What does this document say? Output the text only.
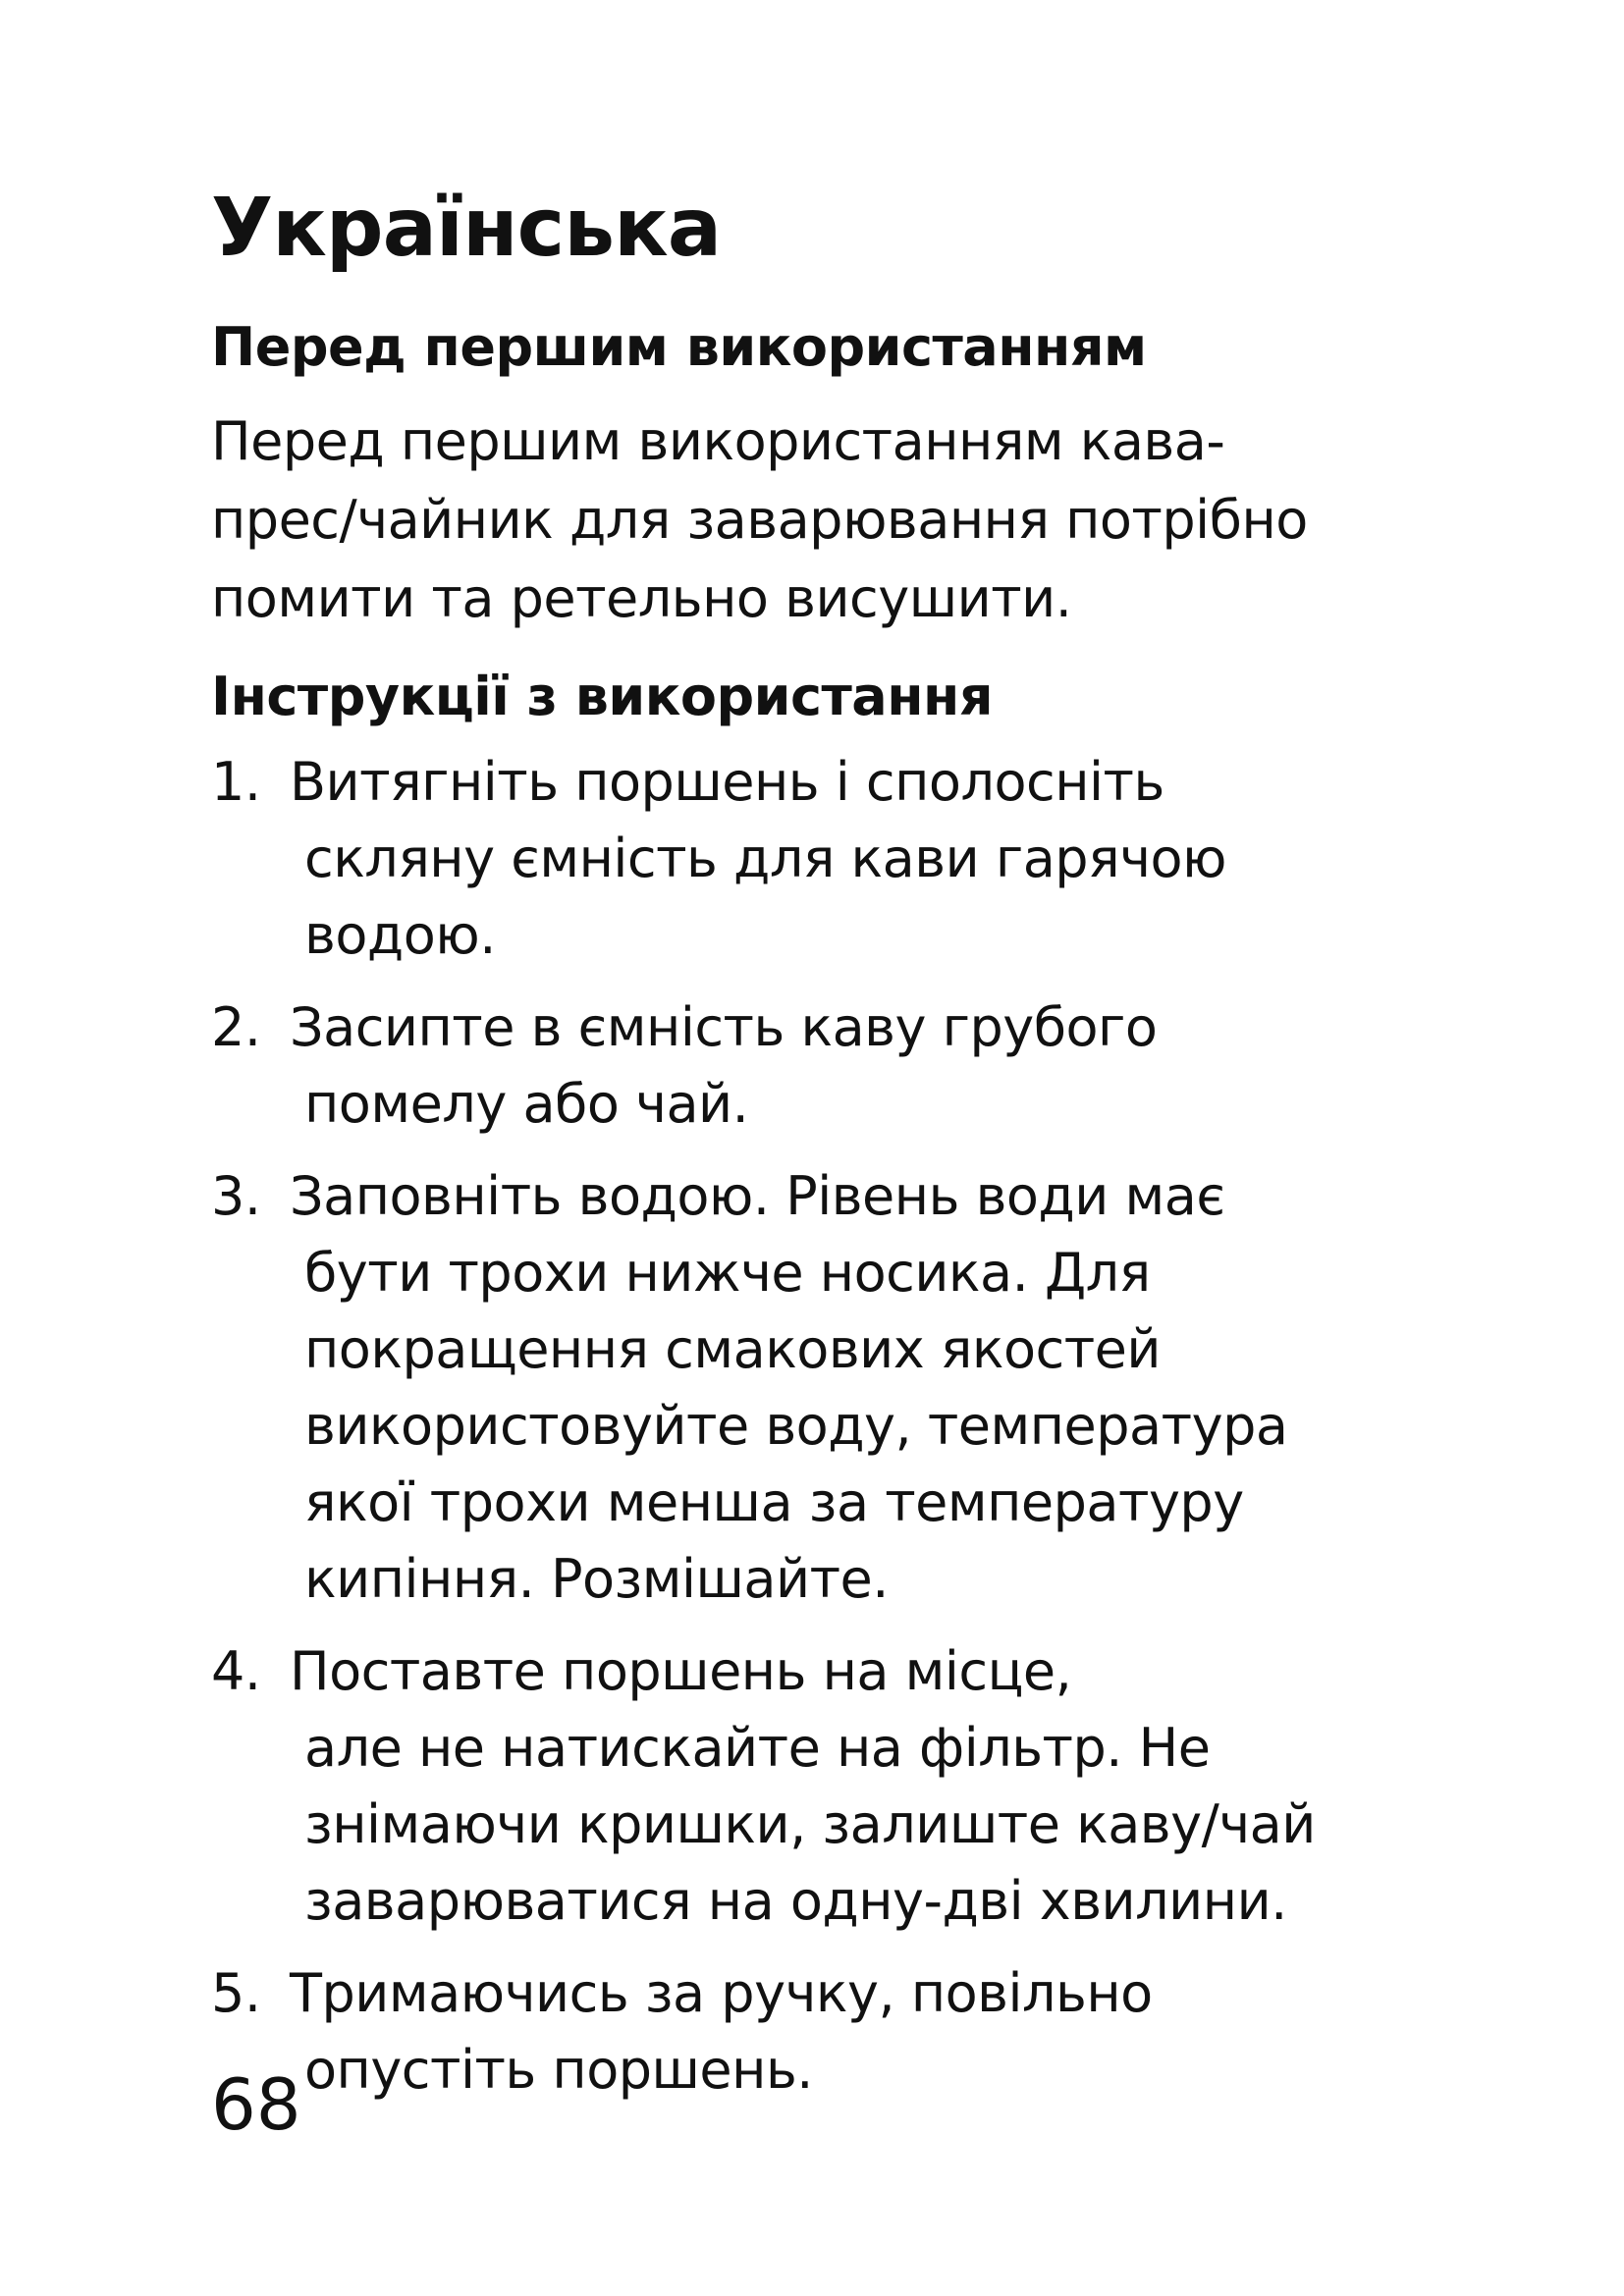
Українська
Перед першим використанням

Перед першим використанням кава-
прес/чайник для заварювання потрібно
помити та ретельно висушити.

Інструкції з використання
1. Витягніть поршень і сполосніть
скляну ємність для кави гарячою
водою.
2. Засипте в ємність каву грубого
помелу або чай.
3. Заповніть водою. Рівень води має
бути трохи нижче носика. Для
покращення смакових якостей
використовуйте воду, температура
якої трохи менша за температуру
кипіння. Розмішайте.
4. Поставте поршень на місце,
але не натискайте на фільтр. Не
знімаючи кришки, залиште каву/чай
заварюватися на одну-дві хвилини.
5. Тримаючись за ручку, повільно
опустіть поршень.
68
